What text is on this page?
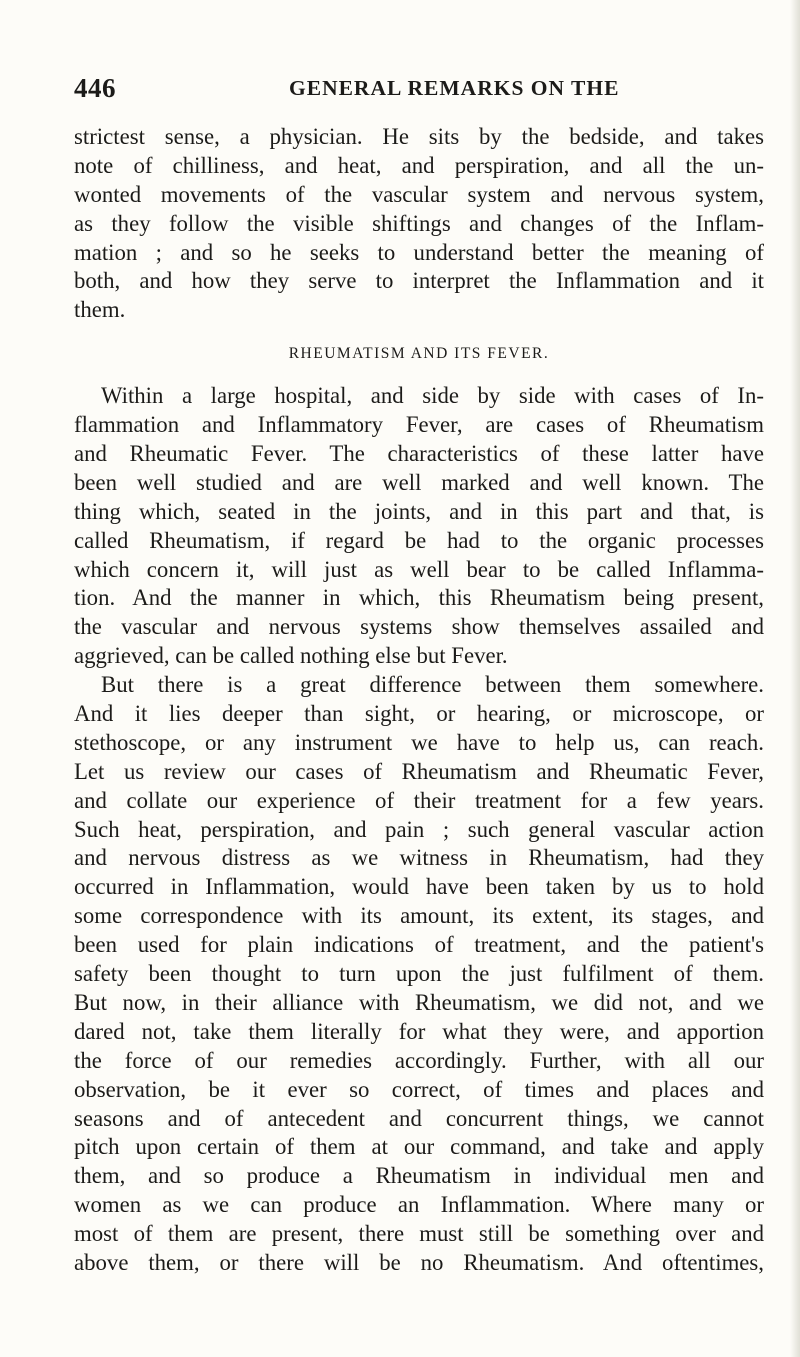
446	GENERAL REMARKS ON THE
strictest sense, a physician. He sits by the bedside, and takes
note of chilliness, and heat, and perspiration, and all the un-
wonted movements of the vascular system and nervous system,
as they follow the visible shiftings and changes of the Inflam-
mation ; and so he seeks to understand better the meaning of
both, and how they serve to interpret the Inflammation and it
them.
RHEUMATISM AND ITS FEVER.
Within a large hospital, and side by side with cases of In-
flammation and Inflammatory Fever, are cases of Rheumatism
and Rheumatic Fever. The characteristics of these latter have
been well studied and are well marked and well known. The
thing which, seated in the joints, and in this part and that, is
called Rheumatism, if regard be had to the organic processes
which concern it, will just as well bear to be called Inflamma-
tion. And the manner in which, this Rheumatism being present,
the vascular and nervous systems show themselves assailed and
aggrieved, can be called nothing else but Fever.
But there is a great difference between them somewhere.
And it lies deeper than sight, or hearing, or microscope, or
stethoscope, or any instrument we have to help us, can reach.
Let us review our cases of Rheumatism and Rheumatic Fever,
and collate our experience of their treatment for a few years.
Such heat, perspiration, and pain ; such general vascular action
and nervous distress as we witness in Rheumatism, had they
occurred in Inflammation, would have been taken by us to hold
some correspondence with its amount, its extent, its stages, and
been used for plain indications of treatment, and the patient's
safety been thought to turn upon the just fulfilment of them.
But now, in their alliance with Rheumatism, we did not, and we
dared not, take them literally for what they were, and apportion
the force of our remedies accordingly. Further, with all our
observation, be it ever so correct, of times and places and
seasons and of antecedent and concurrent things, we cannot
pitch upon certain of them at our command, and take and apply
them, and so produce a Rheumatism in individual men and
women as we can produce an Inflammation. Where many or
most of them are present, there must still be something over and
above them, or there will be no Rheumatism. And oftentimes,
